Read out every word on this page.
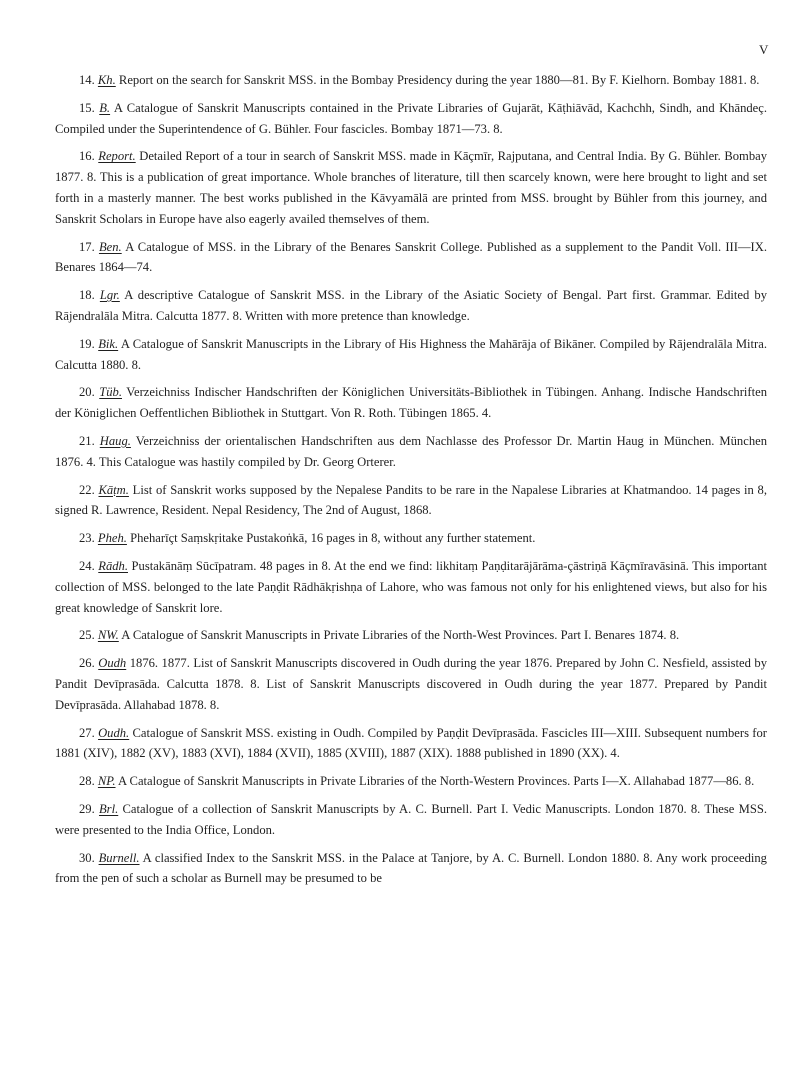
V

14. Kh. Report on the search for Sanskrit MSS. in the Bombay Presidency during the year 1880—81. By F. Kielhorn. Bombay 1881. 8.

15. B. A Catalogue of Sanskrit Manuscripts contained in the Private Libraries of Gujarāt, Kāṭhiāvād, Kachchh, Sindh, and Khāndeç. Compiled under the Superintendence of G. Bühler. Four fascicles. Bombay 1871—73. 8.

16. Report. Detailed Report of a tour in search of Sanskrit MSS. made in Kāçmīr, Rajputana, and Central India. By G. Bühler. Bombay 1877. 8. This is a publication of great importance. Whole branches of literature, till then scarcely known, were here brought to light and set forth in a masterly manner. The best works published in the Kāvyamālā are printed from MSS. brought by Bühler from this journey, and Sanskrit Scholars in Europe have also eagerly availed themselves of them.

17. Ben. A Catalogue of MSS. in the Library of the Benares Sanskrit College. Published as a supplement to the Pandit Voll. III—IX. Benares 1864—74.

18. Lgr. A descriptive Catalogue of Sanskrit MSS. in the Library of the Asiatic Society of Bengal. Part first. Grammar. Edited by Rājendralāla Mitra. Calcutta 1877. 8. Written with more pretence than knowledge.

19. Bik. A Catalogue of Sanskrit Manuscripts in the Library of His Highness the Mahārāja of Bikāner. Compiled by Rājendralāla Mitra. Calcutta 1880. 8.

20. Tüb. Verzeichniss Indischer Handschriften der Königlichen Universitäts-Bibliothek in Tübingen. Anhang. Indische Handschriften der Königlichen Oeffentlichen Bibliothek in Stuttgart. Von R. Roth. Tübingen 1865. 4.

21. Haug. Verzeichniss der orientalischen Handschriften aus dem Nachlasse des Professor Dr. Martin Haug in München. München 1876. 4. This Catalogue was hastily compiled by Dr. Georg Orterer.

22. Kāṭm. List of Sanskrit works supposed by the Nepalese Pandits to be rare in the Napalese Libraries at Khatmandoo. 14 pages in 8, signed R. Lawrence, Resident. Nepal Residency, The 2nd of August, 1868.

23. Pheh. Pheharīçt Saṃskṛitake Pustakoṅkā, 16 pages in 8, without any further statement.

24. Rādh. Pustakānāṃ Sūcīpatram. 48 pages in 8. At the end we find: likhitaṃ Paṇḍitarājārāma-çāstriṇā Kāçmīravāsinā. This important collection of MSS. belonged to the late Paṇḍit Rādhākṛishṇa of Lahore, who was famous not only for his enlightened views, but also for his great knowledge of Sanskrit lore.

25. NW. A Catalogue of Sanskrit Manuscripts in Private Libraries of the North-West Provinces. Part I. Benares 1874. 8.

26. Oudh 1876. 1877. List of Sanskrit Manuscripts discovered in Oudh during the year 1876. Prepared by John C. Nesfield, assisted by Pandit Devīprasāda. Calcutta 1878. 8. List of Sanskrit Manuscripts discovered in Oudh during the year 1877. Prepared by Pandit Devīprasāda. Allahabad 1878. 8.

27. Oudh. Catalogue of Sanskrit MSS. existing in Oudh. Compiled by Paṇḍit Devīprasāda. Fascicles III—XIII. Subsequent numbers for 1881 (XIV), 1882 (XV), 1883 (XVI), 1884 (XVII), 1885 (XVIII), 1887 (XIX). 1888 published in 1890 (XX). 4.

28. NP. A Catalogue of Sanskrit Manuscripts in Private Libraries of the North-Western Provinces. Parts I—X. Allahabad 1877—86. 8.

29. Brl. Catalogue of a collection of Sanskrit Manuscripts by A. C. Burnell. Part I. Vedic Manuscripts. London 1870. 8. These MSS. were presented to the India Office, London.

30. Burnell. A classified Index to the Sanskrit MSS. in the Palace at Tanjore, by A. C. Burnell. London 1880. 8. Any work proceeding from the pen of such a scholar as Burnell may be presumed to be
